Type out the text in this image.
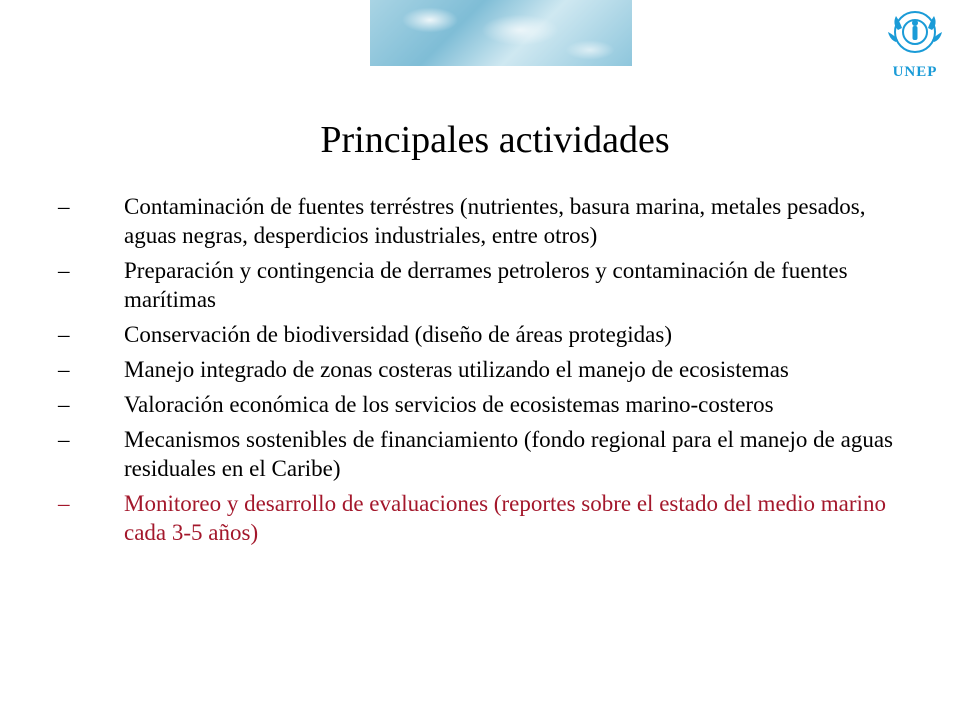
UNEP
Principales actividades
–	Contaminación de fuentes terréstres (nutrientes, basura marina, metales pesados, aguas negras, desperdicios industriales, entre otros)
–	Preparación y contingencia de derrames petroleros y contaminación de fuentes marítimas
–	Conservación de biodiversidad (diseño de áreas protegidas)
–	Manejo integrado de zonas costeras utilizando el manejo de ecosistemas
–	Valoración económica de los servicios de ecosistemas marino-costeros
–	Mecanismos sostenibles de financiamiento (fondo regional para el manejo de aguas residuales en el Caribe)
–	Monitoreo y desarrollo de evaluaciones (reportes sobre el estado del medio marino cada 3-5 años)
